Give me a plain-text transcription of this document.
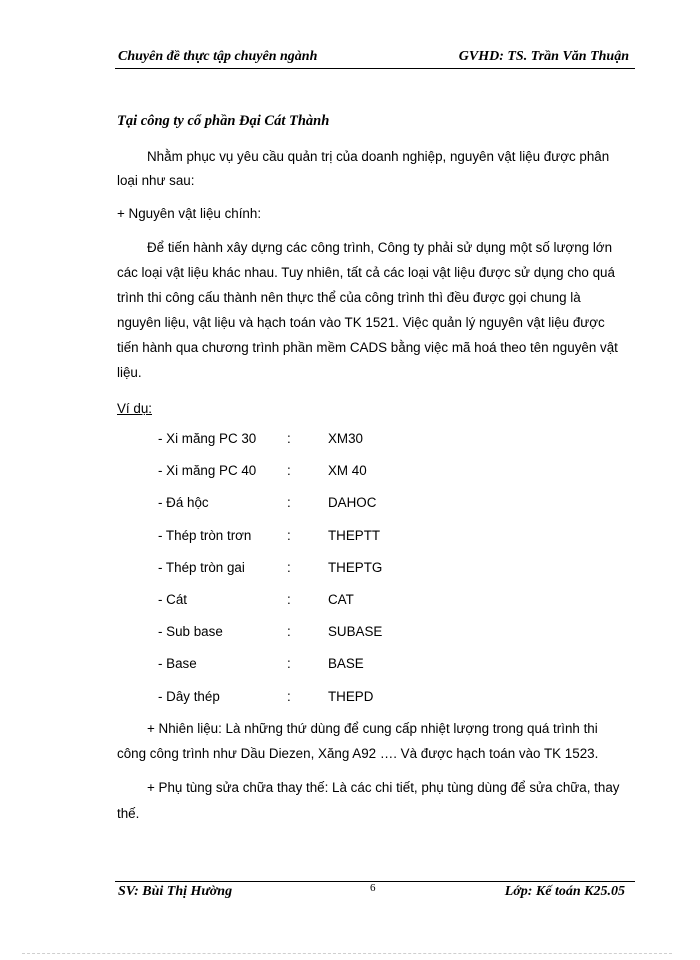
Chuyên đề thực tập chuyên ngành	GVHD: TS. Trần Văn Thuận
Tại công ty cổ phần Đại Cát Thành
Nhằm phục vụ yêu cầu quản trị của doanh nghiệp, nguyên vật liệu được phân
loại như sau:
+ Nguyên vật liệu chính:
Để tiến hành xây dựng các công trình, Công ty phải sử dụng một số lượng lớn
các loại vật liệu khác nhau. Tuy nhiên, tất cả các loại vật liệu được sử dụng cho quá
trình thi công cấu thành nên thực thể của công trình thì đều được gọi chung là
nguyên liệu, vật liệu và hạch toán vào TK 1521. Việc quản lý nguyên vật liệu được
tiến hành qua chương trình phần mềm CADS bằng việc mã hoá theo tên nguyên vật
liệu.
Ví dụ:
- Xi măng PC 30 :	XM30
- Xi măng PC 40 :	XM 40
- Đá hộc	:	DAHOC
- Thép tròn trơn	:	THEPTT
- Thép tròn gai	:	THEPTG
- Cát	:	CAT
- Sub base	:	SUBASE
- Base	:	BASE
- Dây thép	:	THEPD
+ Nhiên liệu: Là những thứ dùng để cung cấp nhiệt lượng trong quá trình thi
công công trình như Dầu Diezen, Xăng A92 …. Và được hạch toán vào TK 1523.
+ Phụ tùng sửa chữa thay thế: Là các chi tiết, phụ tùng dùng để sửa chữa, thay
thế.
SV: Bùi Thị Hường	6	Lớp: Kế toán K25.05
